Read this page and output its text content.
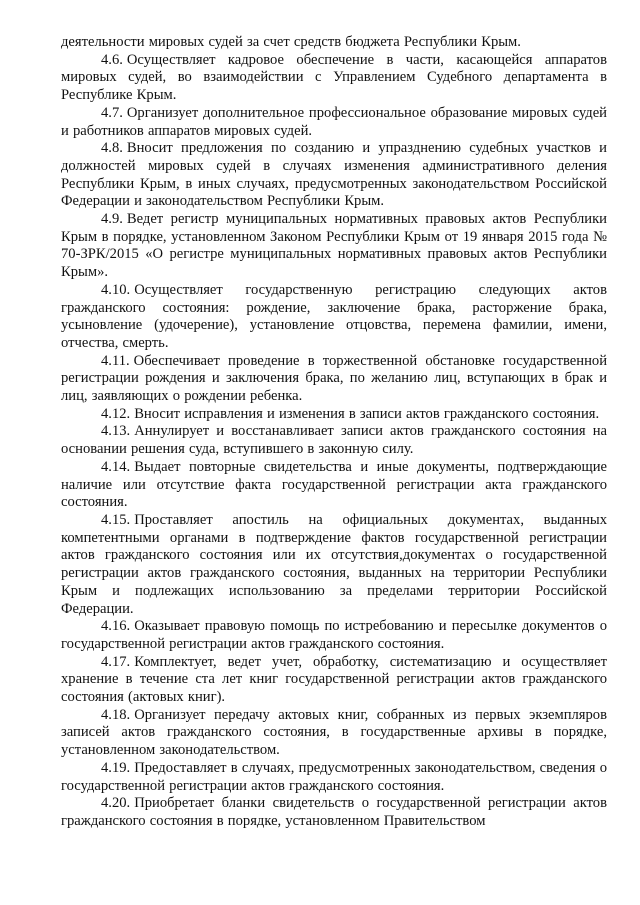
деятельности мировых судей за счет средств бюджета Республики Крым.

4.6. Осуществляет кадровое обеспечение в части, касающейся аппаратов мировых судей, во взаимодействии с Управлением Судебного департамента в Республике Крым.

4.7. Организует дополнительное профессиональное образование мировых судей и работников аппаратов мировых судей.

4.8. Вносит предложения по созданию и упразднению судебных участков и должностей мировых судей в случаях изменения административного деления Республики Крым, в иных случаях, предусмотренных законодательством Российской Федерации и законодательством Республики Крым.

4.9. Ведет регистр муниципальных нормативных правовых актов Республики Крым в порядке, установленном Законом Республики Крым от 19 января 2015 года № 70-ЗРК/2015 «О регистре муниципальных нормативных правовых актов Республики Крым».

4.10. Осуществляет государственную регистрацию следующих актов гражданского состояния: рождение, заключение брака, расторжение брака, усыновление (удочерение), установление отцовства, перемена фамилии, имени, отчества, смерть.

4.11. Обеспечивает проведение в торжественной обстановке государственной регистрации рождения и заключения брака, по желанию лиц, вступающих в брак и лиц, заявляющих о рождении ребенка.

4.12. Вносит исправления и изменения в записи актов гражданского состояния.

4.13. Аннулирует и восстанавливает записи актов гражданского состояния на основании решения суда, вступившего в законную силу.

4.14. Выдает повторные свидетельства и иные документы, подтверждающие наличие или отсутствие факта государственной регистрации акта гражданского состояния.

4.15. Проставляет апостиль на официальных документах, выданных компетентными органами в подтверждение фактов государственной регистрации актов гражданского состояния или их отсутствия,документах о государственной регистрации актов гражданского состояния, выданных на территории Республики Крым и подлежащих использованию за пределами территории Российской Федерации.

4.16. Оказывает правовую помощь по истребованию и пересылке документов о государственной регистрации актов гражданского состояния.

4.17. Комплектует, ведет учет, обработку, систематизацию и осуществляет хранение в течение ста лет книг государственной регистрации актов гражданского состояния (актовых книг).

4.18. Организует передачу актовых книг, собранных из первых экземпляров записей актов гражданского состояния, в государственные архивы в порядке, установленном законодательством.

4.19. Предоставляет в случаях, предусмотренных законодательством, сведения о государственной регистрации актов гражданского состояния.

4.20. Приобретает бланки свидетельств о государственной регистрации актов гражданского состояния в порядке, установленном Правительством
